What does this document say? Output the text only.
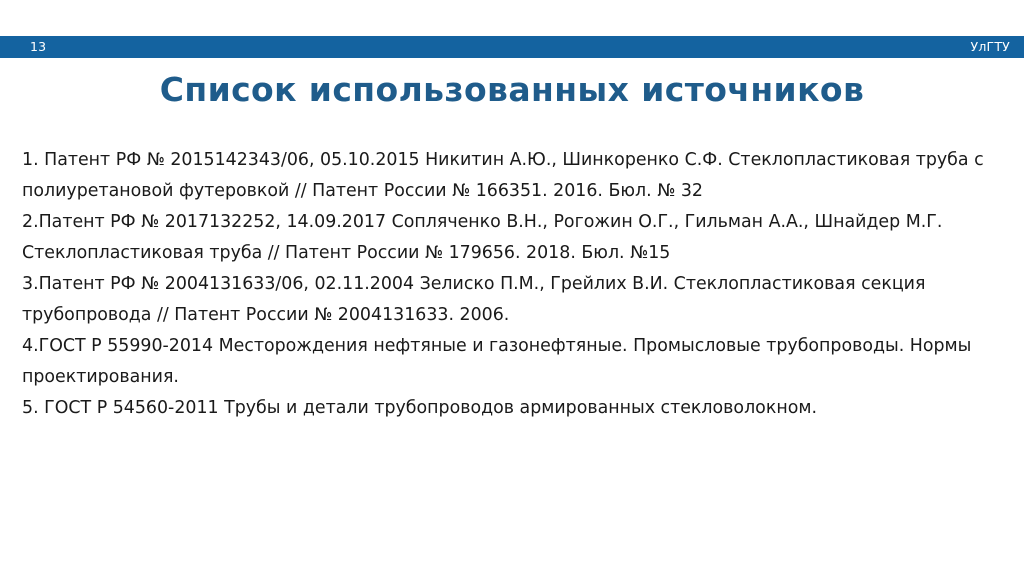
13	УлГТУ
Список использованных источников

1. Патент РФ № 2015142343/06, 05.10.2015 Никитин А.Ю., Шинкоренко С.Ф. Стеклопластиковая труба с полиуретановой футеровкой // Патент России № 166351. 2016. Бюл. № 32

2.Патент РФ № 2017132252, 14.09.2017 Сопляченко В.Н., Рогожин О.Г., Гильман А.А., Шнайдер М.Г. Стеклопластиковая труба // Патент России № 179656. 2018. Бюл. №15

3.Патент РФ № 2004131633/06, 02.11.2004 Зелиско П.М., Грейлих В.И. Стеклопластиковая секция трубопровода // Патент России № 2004131633. 2006.

4.ГОСТ Р 55990-2014 Месторождения нефтяные и газонефтяные. Промысловые трубопроводы. Нормы проектирования.

5. ГОСТ Р 54560-2011 Трубы и детали трубопроводов армированных стекловолокном.
